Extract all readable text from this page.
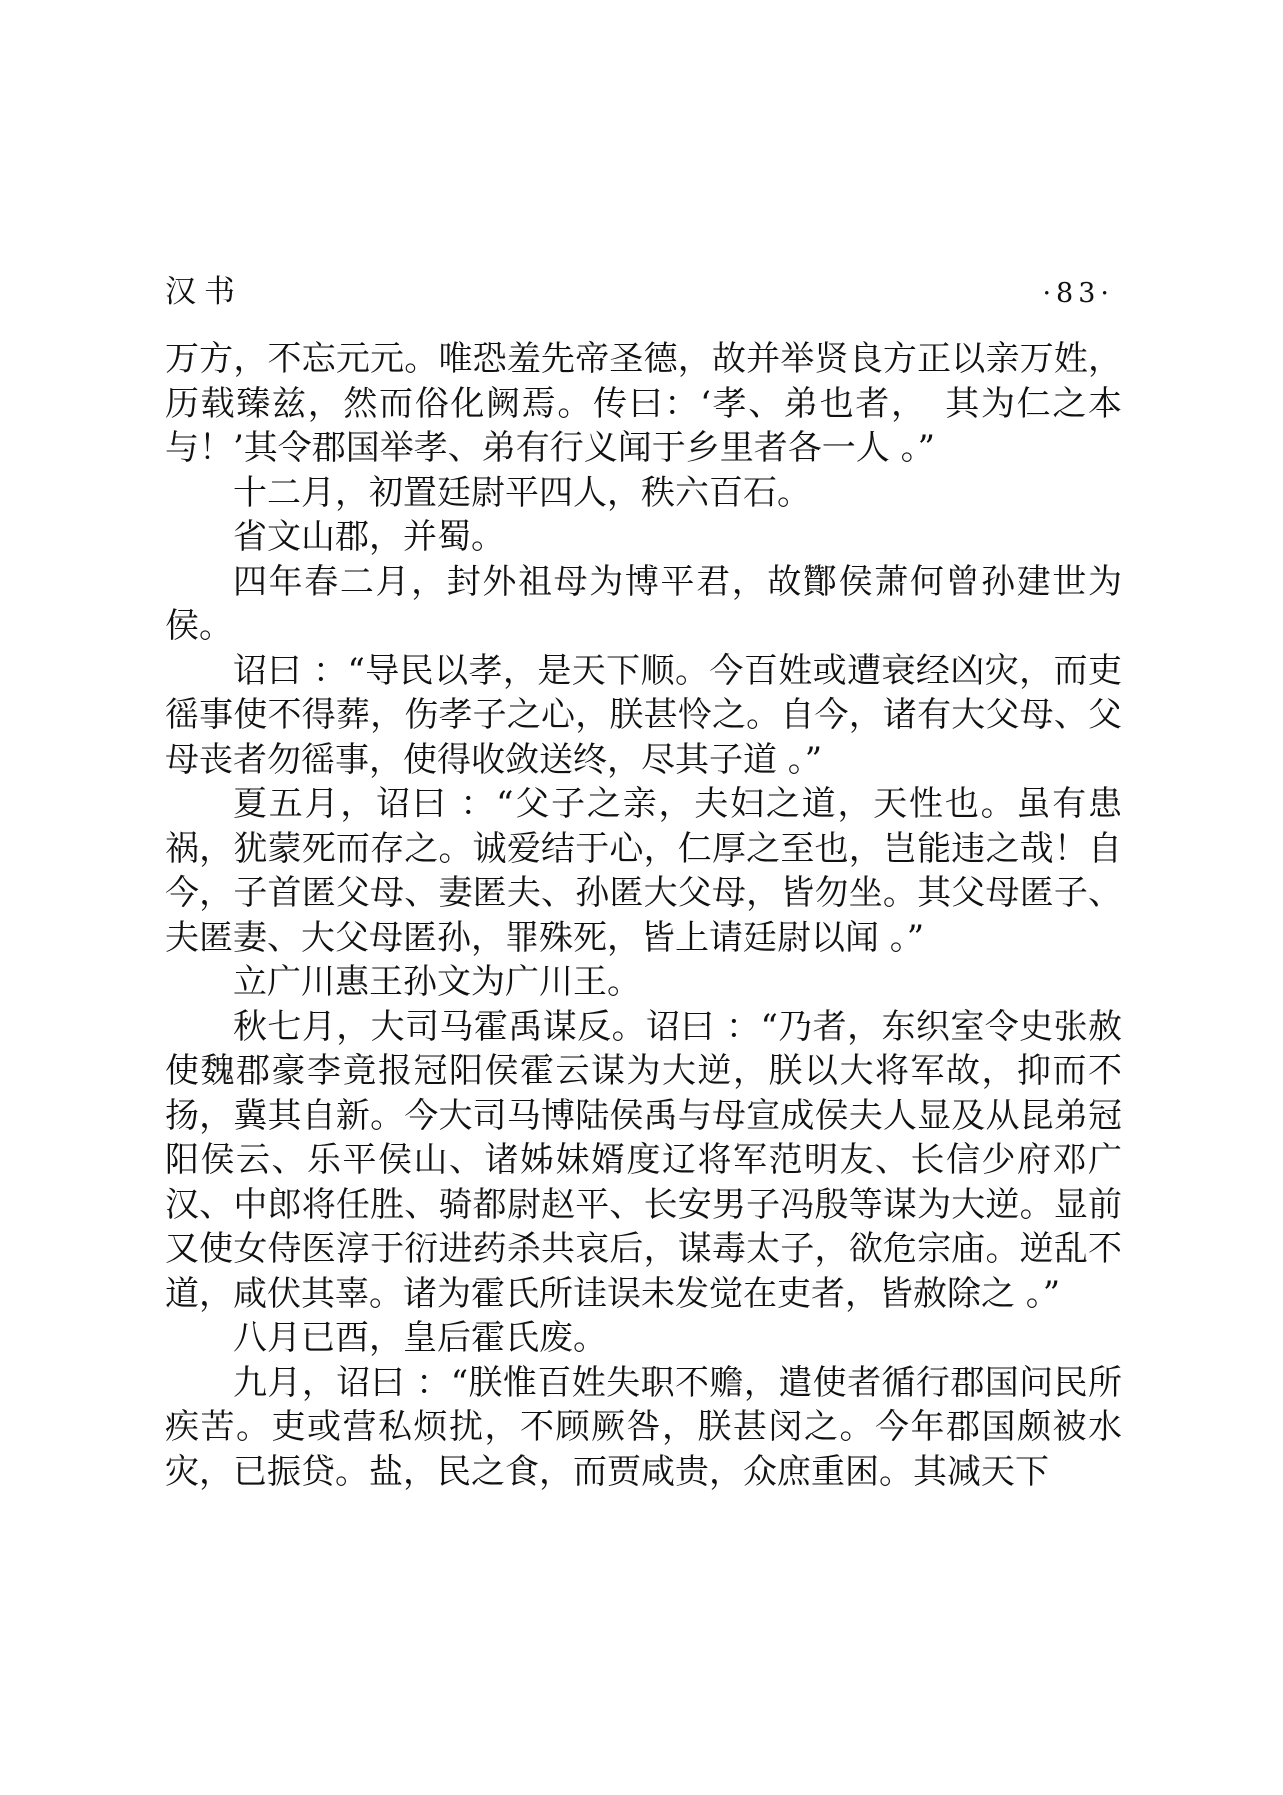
汉书	·83·

万方，不忘元元。唯恐羞先帝圣德，故并举贤良方正以亲万姓，历载臻兹，然而俗化阙焉。传曰：‘孝、弟也者，　其为仁之本与！’其令郡国举孝、弟有行义闻于乡里者各一人 。”

十二月，初置廷尉平四人，秩六百石。

省文山郡，并蜀。

四年春二月，封外祖母为博平君，故酇侯萧何曾孙建世为侯。

诏曰 ：“导民以孝，是天下顺。今百姓或遭衰经凶灾，而吏徭事使不得葬，伤孝子之心，朕甚怜之。自今，诸有大父母、父母丧者勿徭事，使得收敛送终，尽其子道 。”

夏五月，诏曰 ：“父子之亲，夫妇之道，天性也。虽有患祸，犹蒙死而存之。诚爱结于心，仁厚之至也，岂能违之哉！自今，子首匿父母、妻匿夫、孙匿大父母，皆勿坐。其父母匿子、夫匿妻、大父母匿孙，罪殊死，皆上请廷尉以闻 。”

立广川惠王孙文为广川王。

秋七月，大司马霍禹谋反。诏曰 ：“乃者，东织室令史张赦使魏郡豪李竟报冠阳侯霍云谋为大逆，朕以大将军故，抑而不扬，冀其自新。今大司马博陆侯禹与母宣成侯夫人显及从昆弟冠阳侯云、乐平侯山、诸姊妹婿度辽将军范明友、长信少府邓广汉、中郎将任胜、骑都尉赵平、长安男子冯殷等谋为大逆。显前又使女侍医淳于衍进药杀共哀后，谋毒太子，欲危宗庙。逆乱不道，咸伏其辜。诸为霍氏所诖误未发觉在吏者，皆赦除之 。”

八月已酉，皇后霍氏废。

九月，诏曰 ：“朕惟百姓失职不赡，遣使者循行郡国问民所疾苦。吏或营私烦扰，不顾厥咎，朕甚闵之。今年郡国颇被水灾，已振贷。盐，民之食，而贾咸贵，众庶重困。其减天下
